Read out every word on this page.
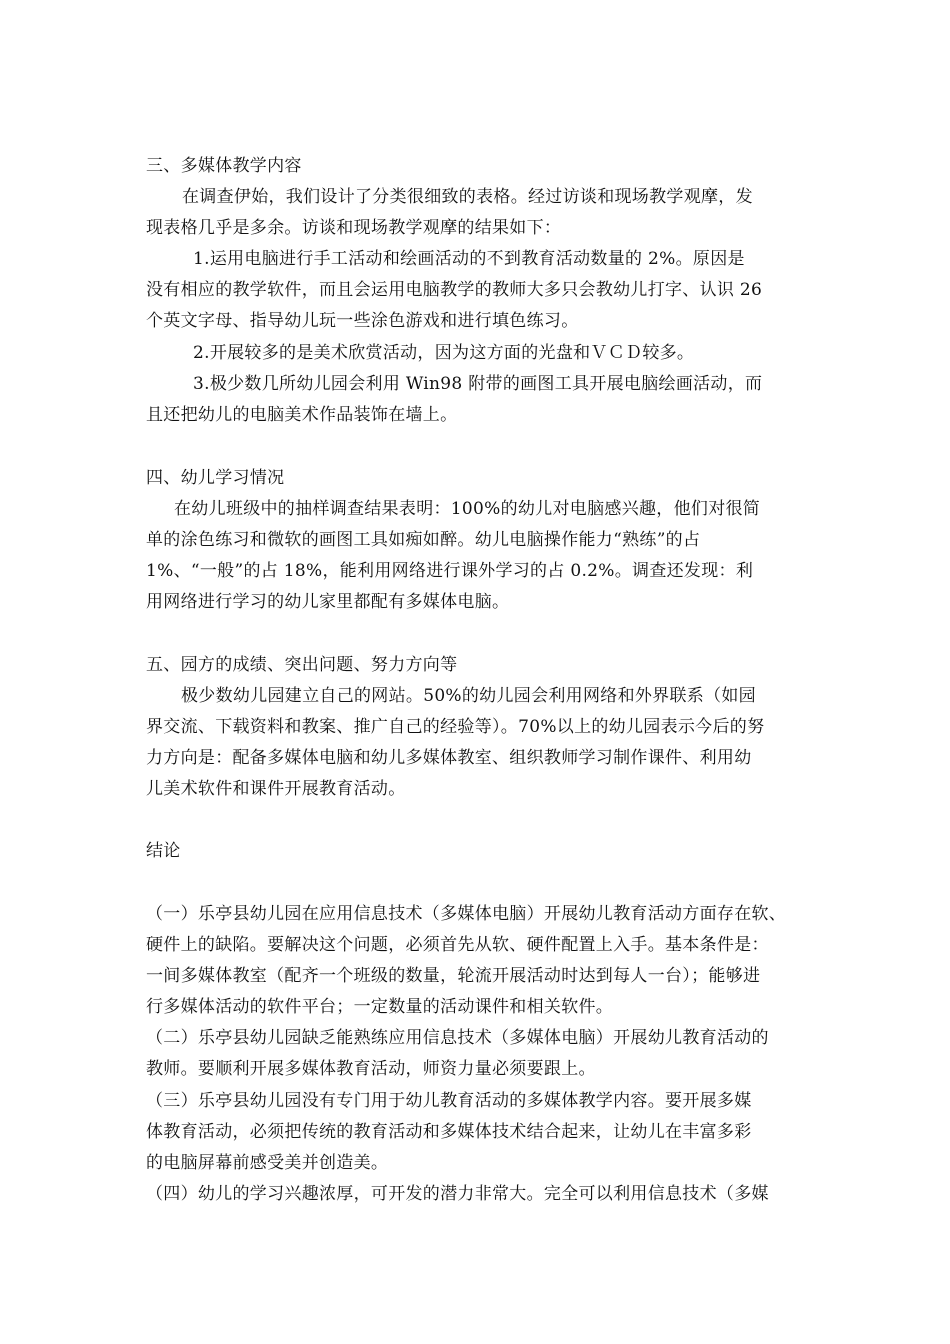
三、多媒体教学内容
在调查伊始，我们设计了分类很细致的表格。经过访谈和现场教学观摩，发
现表格几乎是多余。访谈和现场教学观摩的结果如下：
1.运用电脑进行手工活动和绘画活动的不到教育活动数量的 2%。原因是
没有相应的教学软件，而且会运用电脑教学的教师大多只会教幼儿打字、认识 26
个英文字母、指导幼儿玩一些涂色游戏和进行填色练习。
2.开展较多的是美术欣赏活动，因为这方面的光盘和ＶＣＤ较多。
3.极少数几所幼儿园会利用 Win98 附带的画图工具开展电脑绘画活动，而
且还把幼儿的电脑美术作品装饰在墙上。
四、幼儿学习情况
在幼儿班级中的抽样调查结果表明：100%的幼儿对电脑感兴趣，他们对很简
单的涂色练习和微软的画图工具如痴如醉。幼儿电脑操作能力“熟练”的占
1%、“一般”的占 18%，能利用网络进行课外学习的占 0.2%。调查还发现：利
用网络进行学习的幼儿家里都配有多媒体电脑。
五、园方的成绩、突出问题、努力方向等
极少数幼儿园建立自己的网站。50%的幼儿园会利用网络和外界联系（如园
界交流、下载资料和教案、推广自己的经验等）。70%以上的幼儿园表示今后的努
力方向是：配备多媒体电脑和幼儿多媒体教室、组织教师学习制作课件、利用幼
儿美术软件和课件开展教育活动。
结论
（一）乐亭县幼儿园在应用信息技术（多媒体电脑）开展幼儿教育活动方面存在软、
硬件上的缺陷。要解决这个问题，必须首先从软、硬件配置上入手。基本条件是：
一间多媒体教室（配齐一个班级的数量，轮流开展活动时达到每人一台）；能够进
行多媒体活动的软件平台；一定数量的活动课件和相关软件。
（二）乐亭县幼儿园缺乏能熟练应用信息技术（多媒体电脑）开展幼儿教育活动的
教师。要顺利开展多媒体教育活动，师资力量必须要跟上。
（三）乐亭县幼儿园没有专门用于幼儿教育活动的多媒体教学内容。要开展多媒
体教育活动，必须把传统的教育活动和多媒体技术结合起来，让幼儿在丰富多彩
的电脑屏幕前感受美并创造美。
（四）幼儿的学习兴趣浓厚，可开发的潜力非常大。完全可以利用信息技术（多媒
